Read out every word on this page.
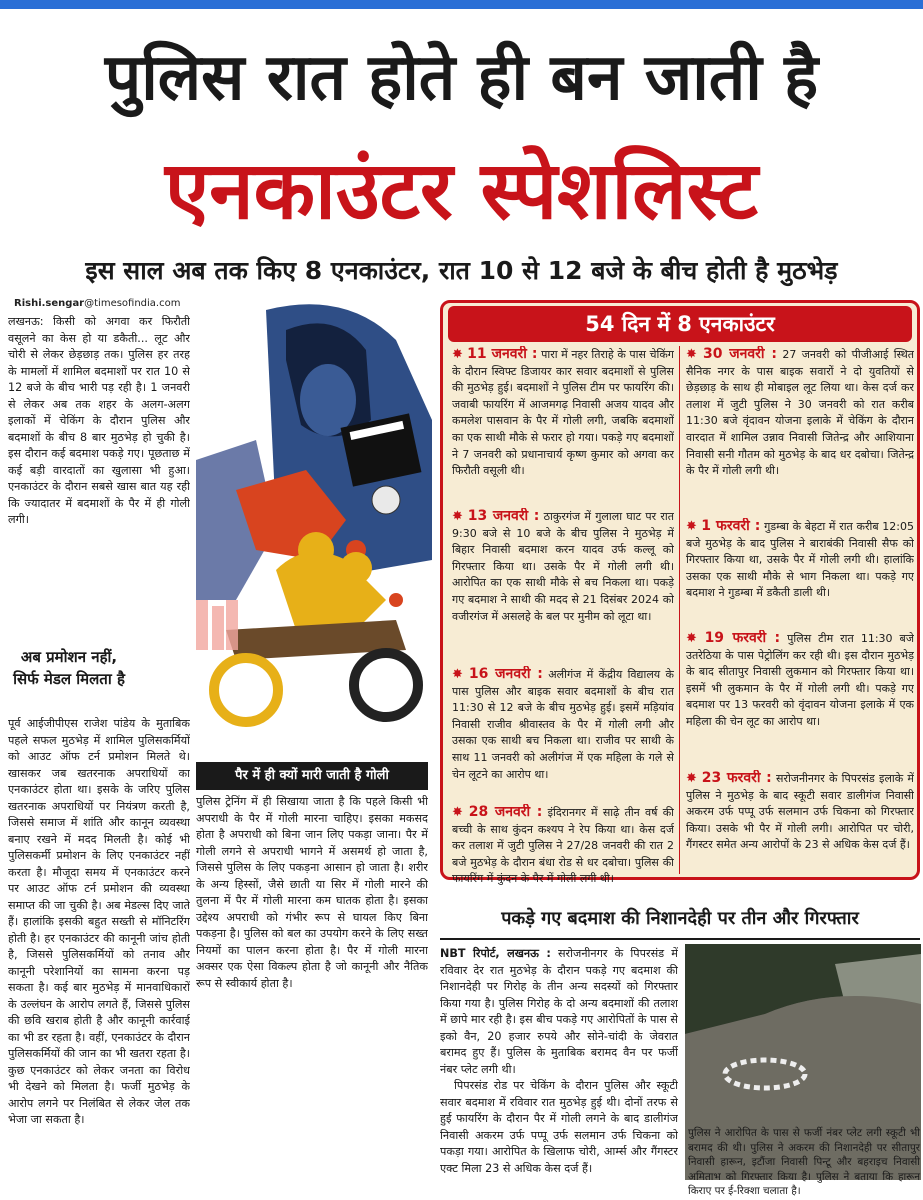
पुलिस रात होते ही बन जाती है
एनकाउंटर स्पेशलिस्ट
इस साल अब तक किए 8 एनकाउंटर, रात 10 से 12 बजे के बीच होती है मुठभेड़
Rishi.sengar@timesofindia.com
लखनऊ: किसी को अगवा कर फिरौती वसूलने का केस हो या डकैती... लूट और चोरी से लेकर छेड़छाड़ तक। पुलिस हर तरह के मामलों में शामिल बदमाशों पर रात 10 से 12 बजे के बीच भारी पड़ रही है। 1 जनवरी से लेकर अब तक शहर के अलग-अलग इलाकों में चेकिंग के दौरान पुलिस और बदमाशों के बीच 8 बार मुठभेड़ हो चुकी है। इस दौरान कई बदमाश पकड़े गए। पूछताछ में कई बड़ी वारदातों का खुलासा भी हुआ। एनकाउंटर के दौरान सबसे खास बात यह रही कि ज्यादातर में बदमाशों के पैर में ही गोली लगी।
अब प्रमोशन नहीं, सिर्फ मेडल मिलता है
पूर्व आईजीपीएस राजेश पांडेय के मुताबिक पहले सफल मुठभेड़ में शामिल पुलिसकर्मियों को आउट ऑफ टर्न प्रमोशन मिलते थे। खासकर जब खतरनाक अपराधियों का एनकाउंटर होता था। इसके के जरिए पुलिस खतरनाक अपराधियों पर नियंत्रण करती है, जिससे समाज में शांति और कानून व्यवस्था बनाए रखने में मदद मिलती है। कोई भी पुलिसकर्मी प्रमोशन के लिए एनकाउंटर नहीं करता है। मौजूदा समय में एनकाउंटर करने पर आउट ऑफ टर्न प्रमोशन की व्यवस्था समाप्त की जा चुकी है। अब मेडल्स दिए जाते हैं। हालांकि इसकी बहुत सख्ती से मॉनिटरिंग होती है। हर एनकाउंटर की कानूनी जांच होती है, जिससे पुलिसकर्मियों को तनाव और कानूनी परेशानियों का सामना करना पड़ सकता है। कई बार मुठभेड़ में मानवाधिकारों के उल्लंघन के आरोप लगते हैं, जिससे पुलिस की छवि खराब होती है और कानूनी कार्रवाई का भी डर रहता है। वहीं, एनकाउंटर के दौरान पुलिसकर्मियों की जान का भी खतरा रहता है। कुछ एनकाउंटर को लेकर जनता का विरोध भी देखने को मिलता है। फर्जी मुठभेड़ के आरोप लगने पर निलंबित से लेकर जेल तक भेजा जा सकता है।
पैर में ही क्यों मारी जाती है गोली
पुलिस ट्रेनिंग में ही सिखाया जाता है कि पहले किसी भी अपराधी के पैर में गोली मारना चाहिए। इसका मकसद होता है अपराधी को बिना जान लिए पकड़ा जाना। पैर में गोली लगने से अपराधी भागने में असमर्थ हो जाता है, जिससे पुलिस के लिए पकड़ना आसान हो जाता है। शरीर के अन्य हिस्सों, जैसे छाती या सिर में गोली मारने की तुलना में पैर में गोली मारना कम घातक होता है। इसका उद्देश्य अपराधी को गंभीर रूप से घायल किए बिना पकड़ना है। पुलिस को बल का उपयोग करने के लिए सख्त नियमों का पालन करना होता है। पैर में गोली मारना अक्सर एक ऐसा विकल्प होता है जो कानूनी और नैतिक रूप से स्वीकार्य होता है।
54 दिन में 8 एनकाउंटर
✸ 11 जनवरी : पारा में नहर तिराहे के पास चेकिंग के दौरान स्विफ्ट डिजायर कार सवार बदमाशों से पुलिस की मुठभेड़ हुई। बदमाशों ने पुलिस टीम पर फायरिंग की। जवाबी फायरिंग में आजमगढ़ निवासी अजय यादव और कमलेश पासवान के पैर में गोली लगी, जबकि बदमाशों का एक साथी मौके से फरार हो गया। पकड़े गए बदमाशों ने 7 जनवरी को प्रधानाचार्य कृष्ण कुमार को अगवा कर फिरौती वसूली थी।
✸ 13 जनवरी : ठाकुरगंज में गुलाला घाट पर रात 9:30 बजे से 10 बजे के बीच पुलिस ने मुठभेड़ में बिहार निवासी बदमाश करन यादव उर्फ कल्लू को गिरफ्तार किया था। उसके पैर में गोली लगी थी। आरोपित का एक साथी मौके से बच निकला था। पकड़े गए बदमाश ने साथी की मदद से 21 दिसंबर 2024 को वजीरगंज में असलहे के बल पर मुनीम को लूटा था।
✸ 16 जनवरी : अलीगंज में केंद्रीय विद्यालय के पास पुलिस और बाइक सवार बदमाशों के बीच रात 11:30 से 12 बजे के बीच मुठभेड़ हुई। इसमें मड़ियांव निवासी राजीव श्रीवास्तव के पैर में गोली लगी और उसका एक साथी बच निकला था। राजीव पर साथी के साथ 11 जनवरी को अलीगंज में एक महिला के गले से चेन लूटने का आरोप था।
✸ 28 जनवरी : इंदिरानगर में साढ़े तीन वर्ष की बच्ची के साथ कुंदन कश्यप ने रेप किया था। केस दर्ज कर तलाश में जुटी पुलिस ने 27/28 जनवरी की रात 2 बजे मुठभेड़ के दौरान बंधा रोड से धर दबोचा। पुलिस की फायरिंग में कुंदन के पैर में गोली लगी थी।
✸ 30 जनवरी : 27 जनवरी को पीजीआई स्थित सैनिक नगर के पास बाइक सवारों ने दो युवतियों से छेड़छाड़ के साथ ही मोबाइल लूट लिया था। केस दर्ज कर तलाश में जुटी पुलिस ने 30 जनवरी को रात करीब 11:30 बजे वृंदावन योजना इलाके में चेकिंग के दौरान वारदात में शामिल उन्नाव निवासी जितेन्द्र और आशियाना निवासी सनी गौतम को मुठभेड़ के बाद धर दबोचा। जितेन्द्र के पैर में गोली लगी थी।
✸ 1 फरवरी : गुडम्बा के बेहटा में रात करीब 12:05 बजे मुठभेड़ के बाद पुलिस ने बाराबंकी निवासी सैफ को गिरफ्तार किया था, उसके पैर में गोली लगी थी। हालांकि उसका एक साथी मौके से भाग निकला था। पकड़े गए बदमाश ने गुडम्बा में डकैती डाली थी।
✸ 19 फरवरी : पुलिस टीम रात 11:30 बजे उतरेठिया के पास पेट्रोलिंग कर रही थी। इस दौरान मुठभेड़ के बाद सीतापुर निवासी लुकमान को गिरफ्तार किया था। इसमें भी लुकमान के पैर में गोली लगी थी। पकड़े गए बदमाश पर 13 फरवरी को वृंदावन योजना इलाके में एक महिला की चेन लूट का आरोप था।
✸ 23 फरवरी : सरोजनीनगर के पिपरसंड इलाके में पुलिस ने मुठभेड़ के बाद स्कूटी सवार डालीगंज निवासी अकरम उर्फ पप्पू उर्फ सलमान उर्फ चिकना को गिरफ्तार किया। उसके भी पैर में गोली लगी। आरोपित पर चोरी, गैंगस्टर समेत अन्य आरोपों के 23 से अधिक केस दर्ज हैं।
पकड़े गए बदमाश की निशानदेही पर तीन और गिरफ्तार

NBT रिपोर्ट, लखनऊ : सरोजनीनगर के पिपरसंड में रविवार देर रात मुठभेड़ के दौरान पकड़े गए बदमाश की निशानदेही पर गिरोह के तीन अन्य सदस्यों को गिरफ्तार किया गया है। पुलिस गिरोह के दो अन्य बदमाशों की तलाश में छापे मार रही है। इस बीच पकड़े गए आरोपितों के पास से इको वैन, 20 हजार रुपये और सोने-चांदी के जेवरात बरामद हुए हैं। पुलिस के मुताबिक बरामद वैन पर फर्जी नंबर प्लेट लगी थी।

पिपरसंड रोड पर चेकिंग के दौरान पुलिस और स्कूटी सवार बदमाश में रविवार रात मुठभेड़ हुई थी। दोनों तरफ से हुई फायरिंग के दौरान पैर में गोली लगने के बाद डालीगंज निवासी अकरम उर्फ पप्पू उर्फ सलमान उर्फ चिकना को पकड़ा गया। आरोपित के खिलाफ चोरी, आर्म्स और गैंगस्टर एक्ट मिला 23 से अधिक केस दर्ज हैं।

पुलिस ने आरोपित के पास से फर्जी नंबर प्लेट लगी स्कूटी भी बरामद की थी। पुलिस ने अकरम की निशानदेही पर सीतापुर निवासी हारून, इटौंजा निवासी पिन्टू और बहराइच निवासी अमिताभ को गिरफ्तार किया है। पुलिस ने बताया कि हारून किराए पर ई-रिक्शा चलाता है।
